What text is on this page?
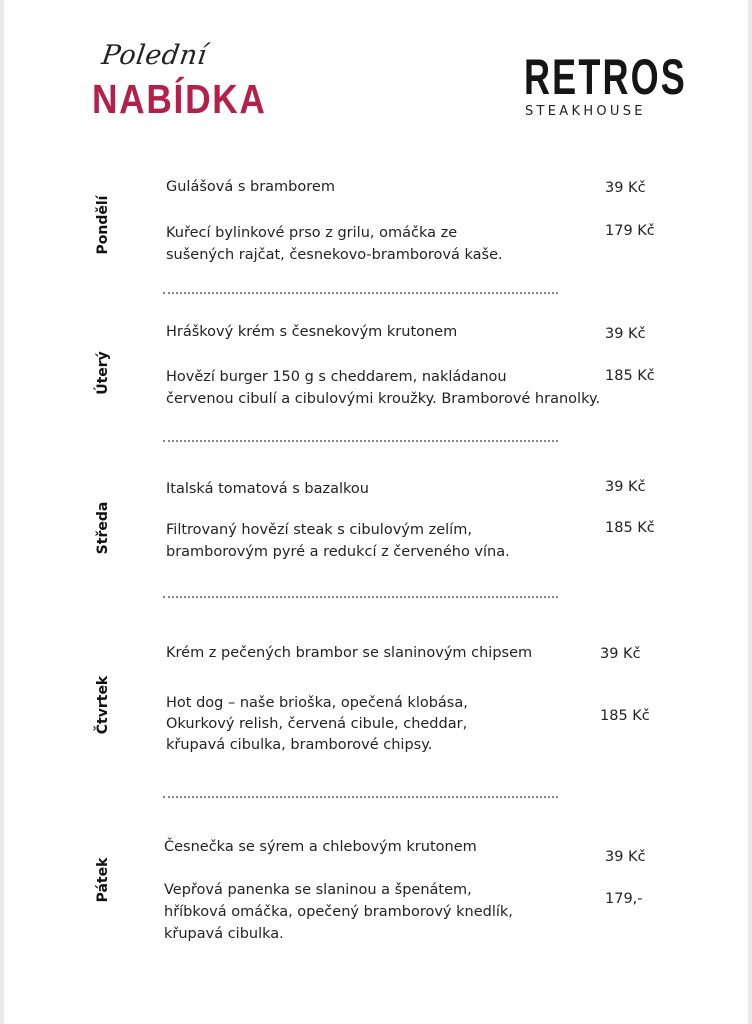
Polední
NABÍDKA	RETROS
STEAKHOUSE
Pondělí
Gulášová s bramborem	39 Kč
Kuřecí bylinkové prso z grilu, omáčka ze
sušených rajčat, česnekovo-bramborová kaše.
179 Kč
Úterý
Hráškový krém s česnekovým krutonem	39 Kč
Hovězí burger 150 g s cheddarem, nakládanou
červenou cibulí a cibulovými kroužky. Bramborové hranolky.
185 Kč
Středa
Italská tomatová s bazalkou	39 Kč
Filtrovaný hovězí steak s cibulovým zelím,
bramborovým pyré a redukcí z červeného vína.
185 Kč
Čtvrtek
Krém z pečených brambor se slaninovým chipsem	39 Kč
Hot dog – naše brioška, opečená klobása,
Okurkový relish, červená cibule, cheddar,
křupavá cibulka, bramborové chipsy.
185 Kč
Pátek
Česnečka se sýrem a chlebovým krutonem
39 Kč
Vepřová panenka se slaninou a špenátem,
hříbková omáčka, opečený bramborový knedlík,
křupavá cibulka.
179,-
